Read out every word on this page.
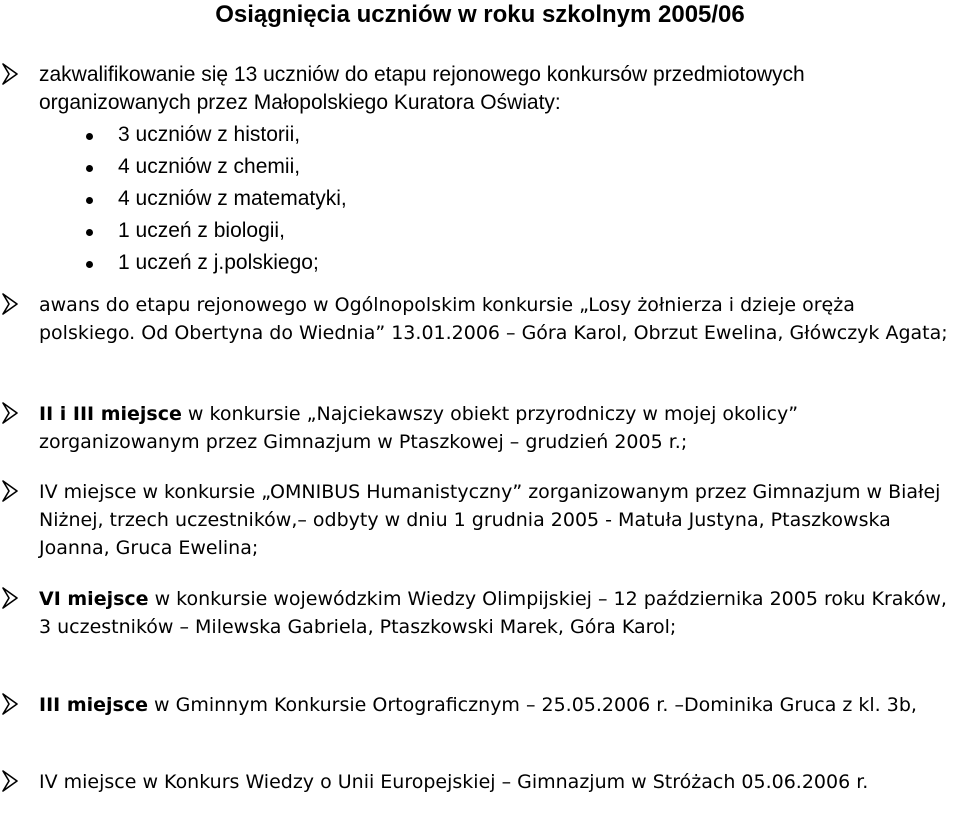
Osiągnięcia uczniów w roku szkolnym 2005/06
zakwalifikowanie się 13 uczniów do etapu rejonowego konkursów przedmiotowych organizowanych przez Małopolskiego Kuratora Oświaty:
3 uczniów z historii,
4 uczniów z chemii,
4 uczniów z matematyki,
1 uczeń z biologii,
1 uczeń z j.polskiego;
awans do etapu rejonowego w Ogólnopolskim konkursie „Losy żołnierza i dzieje oręża polskiego. Od Obertyna do Wiednia” 13.01.2006 – Góra Karol, Obrzut Ewelina, Główczyk Agata;
II i III miejsce w konkursie „Najciekawszy obiekt przyrodniczy w mojej okolicy” zorganizowanym przez Gimnazjum w Ptaszkowej – grudzień 2005 r.;
IV miejsce w konkursie „OMNIBUS Humanistyczny” zorganizowanym przez Gimnazjum w Białej Niżnej, trzech uczestników,– odbyty w dniu 1 grudnia 2005 - Matuła Justyna, Ptaszkowska Joanna, Gruca Ewelina;
VI miejsce w konkursie wojewódzkim Wiedzy Olimpijskiej – 12 października 2005 roku Kraków, 3 uczestników – Milewska Gabriela, Ptaszkowski Marek, Góra Karol;
III miejsce w Gminnym Konkursie Ortograficznym – 25.05.2006 r. –Dominika Gruca z kl. 3b,
IV miejsce w Konkurs Wiedzy o Unii Europejskiej – Gimnazjum w Stróżach 05.06.2006 r.
